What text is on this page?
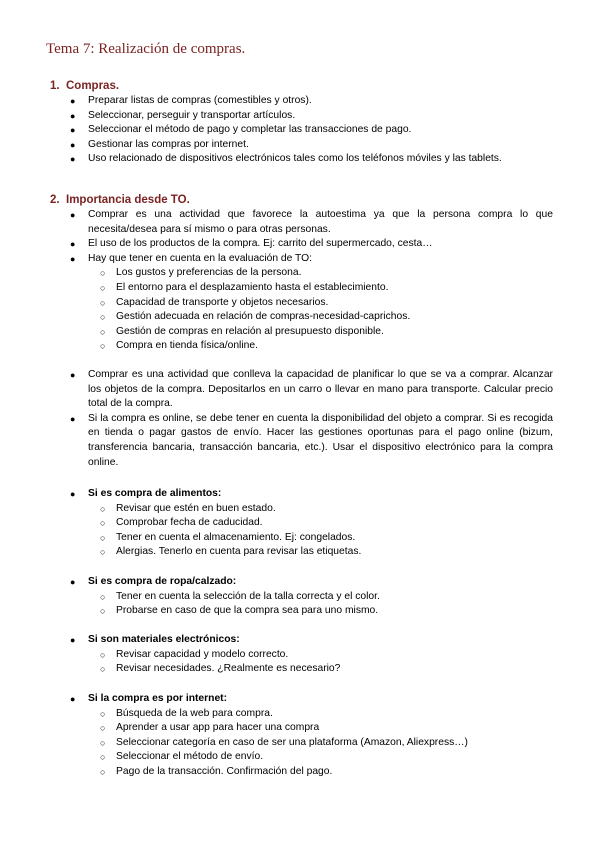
Tema 7: Realización de compras.
1. Compras.
● Preparar listas de compras (comestibles y otros).
● Seleccionar, perseguir y transportar artículos.
● Seleccionar el método de pago y completar las transacciones de pago.
● Gestionar las compras por internet.
● Uso relacionado de dispositivos electrónicos tales como los teléfonos móviles y las tablets.
2. Importancia desde TO.
● Comprar es una actividad que favorece la autoestima ya que la persona compra lo que necesita/desea para sí mismo o para otras personas.
● El uso de los productos de la compra. Ej: carrito del supermercado, cesta…
● Hay que tener en cuenta en la evaluación de TO:
○ Los gustos y preferencias de la persona.
○ El entorno para el desplazamiento hasta el establecimiento.
○ Capacidad de transporte y objetos necesarios.
○ Gestión adecuada en relación de compras-necesidad-caprichos.
○ Gestión de compras en relación al presupuesto disponible.
○ Compra en tienda física/online.
● Comprar es una actividad que conlleva la capacidad de planificar lo que se va a comprar. Alcanzar los objetos de la compra. Depositarlos en un carro o llevar en mano para transporte. Calcular precio total de la compra.
● Si la compra es online, se debe tener en cuenta la disponibilidad del objeto a comprar. Si es recogida en tienda o pagar gastos de envío. Hacer las gestiones oportunas para el pago online (bizum, transferencia bancaria, transacción bancaria, etc.). Usar el dispositivo electrónico para la compra online.
● Si es compra de alimentos:
○ Revisar que estén en buen estado.
○ Comprobar fecha de caducidad.
○ Tener en cuenta el almacenamiento. Ej: congelados.
○ Alergias. Tenerlo en cuenta para revisar las etiquetas.
● Si es compra de ropa/calzado:
○ Tener en cuenta la selección de la talla correcta y el color.
○ Probarse en caso de que la compra sea para uno mismo.
● Si son materiales electrónicos:
○ Revisar capacidad y modelo correcto.
○ Revisar necesidades. ¿Realmente es necesario?
● Si la compra es por internet:
○ Búsqueda de la web para compra.
○ Aprender a usar app para hacer una compra
○ Seleccionar categoría en caso de ser una plataforma (Amazon, Aliexpress…)
○ Seleccionar el método de envío.
○ Pago de la transacción. Confirmación del pago.
